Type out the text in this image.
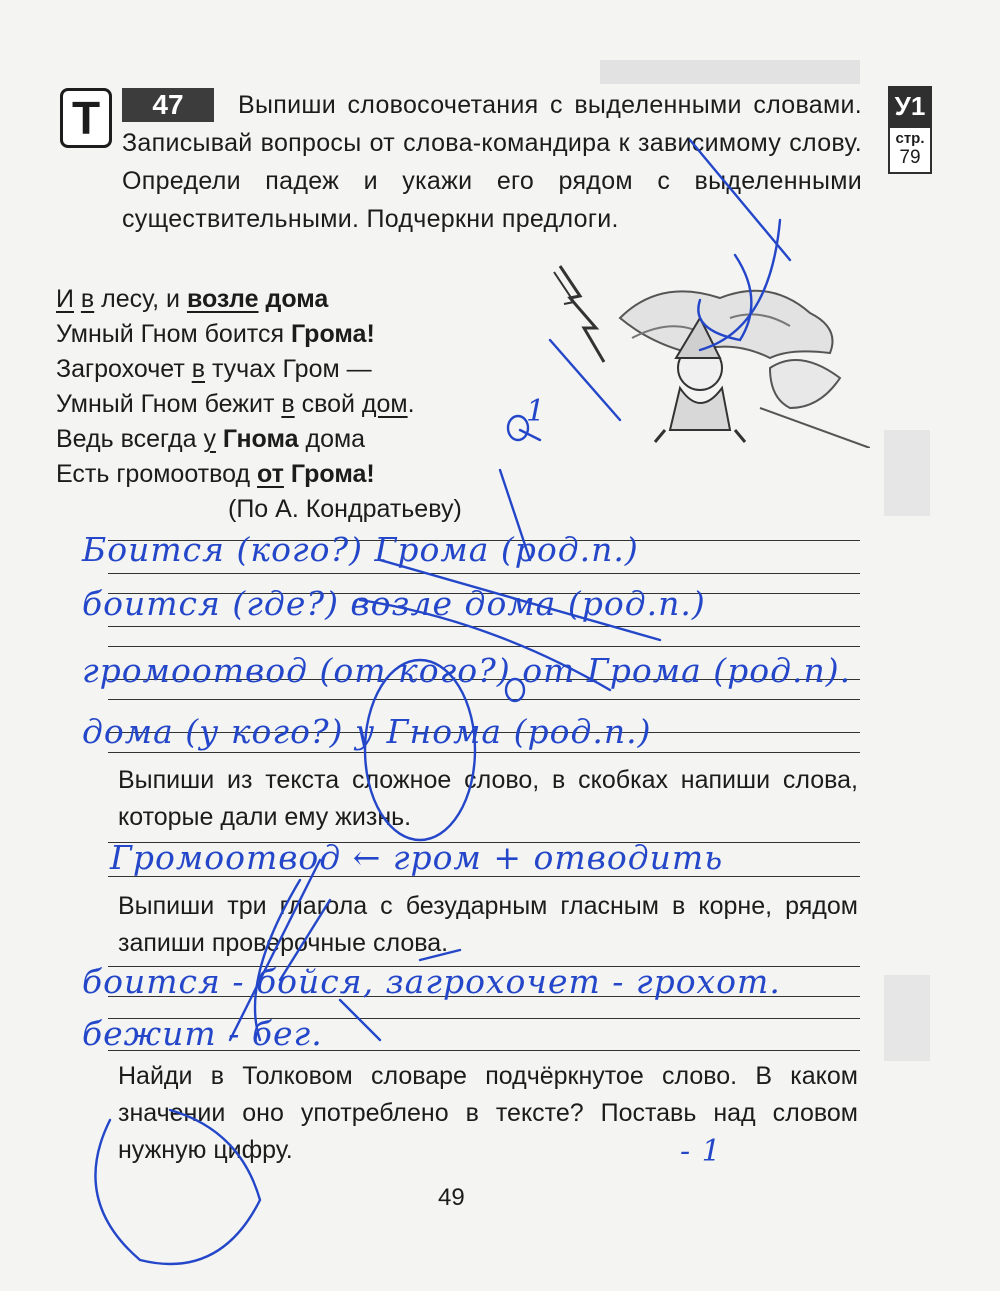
Т	47	У1
стр.
79
Выпиши словосочетания с выделенными словами. Записывай вопросы от слова-командира к зависимому слову. Определи падеж и укажи его рядом с выделенными существительными. Подчеркни предлоги.
И в лесу, и возле дома
Умный Гном боится Грома!
Загрохочет в тучах Гром —
Умный Гном бежит в свой дом.
Ведь всегда у Гнома дома
Есть громоотвод от Грома!
(По А. Кондратьеву)
1
Боится (кого?) Грома (род.п.)
боится (где?) возле дома (род.п.)
громоотвод (от кого?) от Грома (род.п).
дома (у кого?) у Гнома (род.п.)
Выпиши из текста сложное слово, в скобках напиши слова, которые дали ему жизнь.
Громоотвод ← гром + отводить
Выпиши три глагола с безударным гласным в корне, рядом запиши проверочные слова.
боится - бойся, загрохочет - грохот.
бежит - бег.
Найди в Толковом словаре подчёркнутое слово. В каком значении оно употреблено в тексте? Поставь над словом нужную цифру.	- 1
49
